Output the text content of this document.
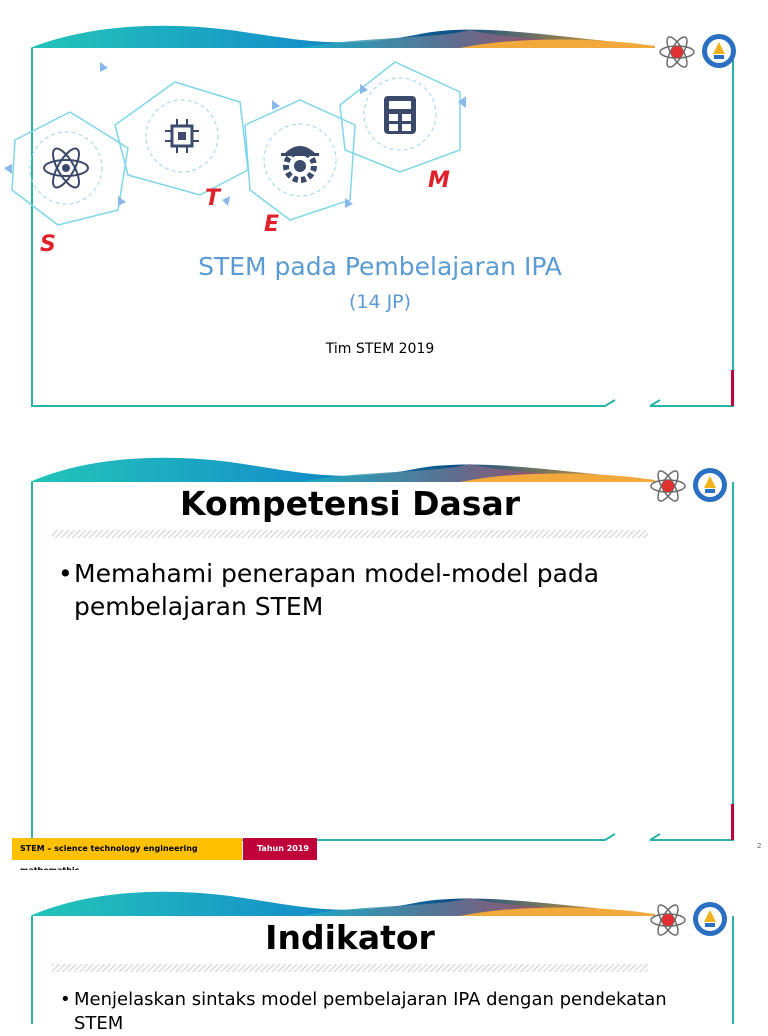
S
T
E
M
STEM pada Pembelajaran IPA
(14 JP)
Tim STEM 2019
Kompetensi Dasar
• Memahami penerapan model-model pada pembelajaran STEM
STEM – science technology engineering	Tahun 2019	2
Indikator
• Menjelaskan sintaks model pembelajaran IPA dengan pendekatan STEM
